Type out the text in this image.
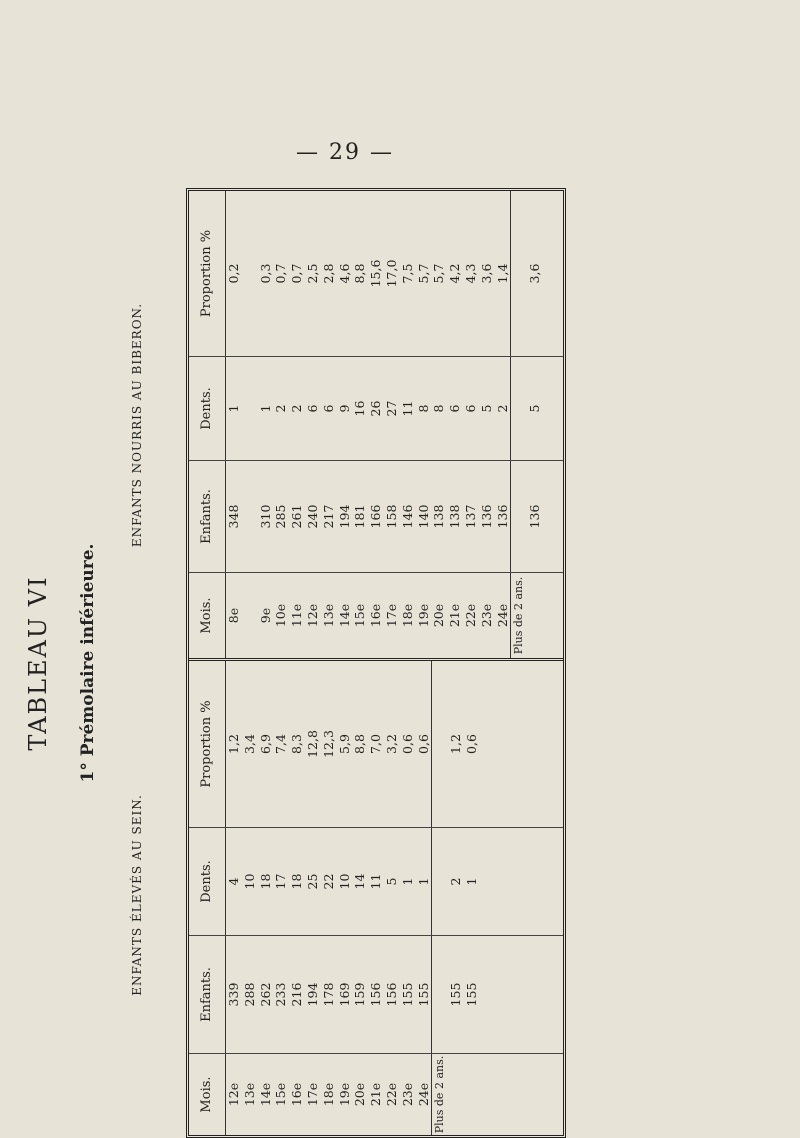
— 29 —
TABLEAU VI 1° Prémolaire inférieure.
ENFANTS ÉLEVÉS AU SEIN.
ENFANTS NOURRIS AU BIBERON.
Mois. 12e 13e 14e 15e 16e 17e 18e 19e 20e 21e 22e 23e 24e Plus de 2 ans.
Enfants. 339 288 262 233 216 194 178 169 159 156 156 155 155 155 155
Dents. 4 10 18 17 18 25 22 10 14 11 5 1 1 2 1
Proportion % 1,2 3,4 6,9 7,4 8,3 12,8 12,3 5,9 8,8 7,0 3,2 0,6 0,6 1,2 0,6
Mois. 8e 9e 10e 11e 12e 13e 14e 15e 16e 17e 18e 19e 20e 21e 22e 23e 24e Plus de 2 ans.
Enfants. 348 310 285 261 240 217 194 181 166 158 146 140 138 138 137 136 136 136
Dents. 1 1 2 2 6 6 9 16 26 27 11 8 8 6 6 5 2 5
Proportion % 0,2 0,3 0,7 0,7 2,5 2,8 4,6 8,8 15,6 17,0 7,5 5,7 5,7 4,2 4,3 3,6 1,4 3,6
